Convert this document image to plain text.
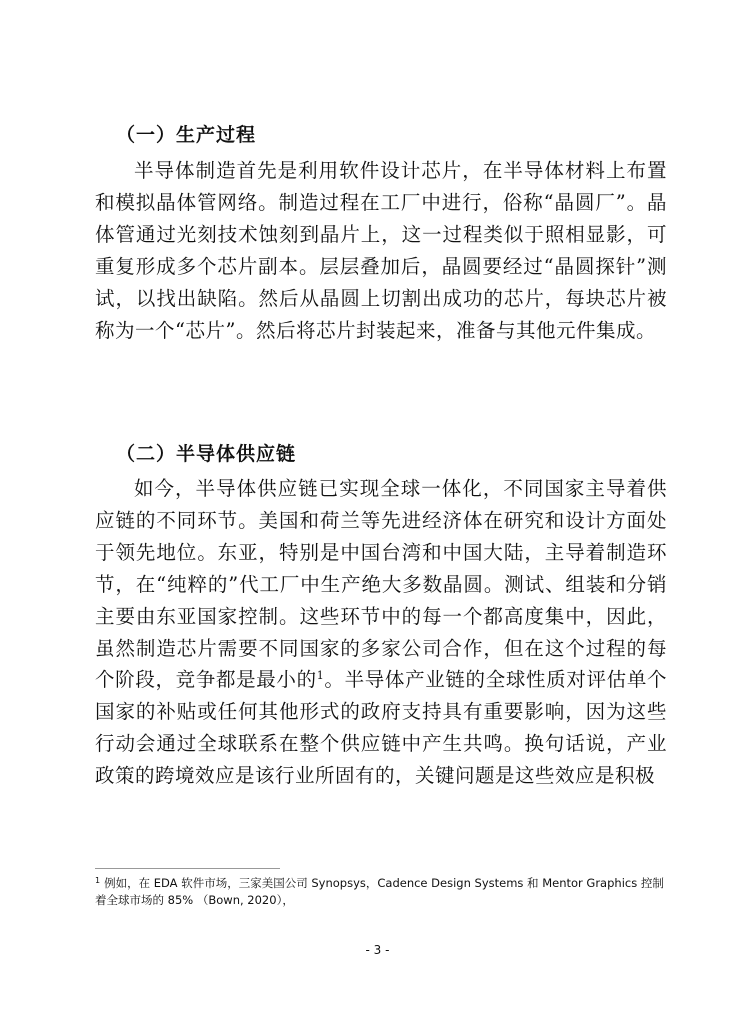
（一）生产过程

半导体制造首先是利用软件设计芯片，在半导体材料上布置和模拟晶体管网络。制造过程在工厂中进行，俗称“晶圆厂”。晶体管通过光刻技术蚀刻到晶片上，这一过程类似于照相显影，可重复形成多个芯片副本。层层叠加后，晶圆要经过“晶圆探针”测试，以找出缺陷。然后从晶圆上切割出成功的芯片，每块芯片被称为一个“芯片”。然后将芯片封装起来，准备与其他元件集成。

（二）半导体供应链

如今，半导体供应链已实现全球一体化，不同国家主导着供应链的不同环节。美国和荷兰等先进经济体在研究和设计方面处于领先地位。东亚，特别是中国台湾和中国大陆，主导着制造环节，在“纯粹的”代工厂中生产绝大多数晶圆。测试、组装和分销主要由东亚国家控制。这些环节中的每一个都高度集中，因此，虽然制造芯片需要不同国家的多家公司合作，但在这个过程的每个阶段，竞争都是最小的$^1$。半导体产业链的全球性质对评估单个国家的补贴或任何其他形式的政府支持具有重要影响，因为这些行动会通过全球联系在整个供应链中产生共鸣。换句话说，产业政策的跨境效应是该行业所固有的，关键问题是这些效应是积极

$^1$ 例如，在 EDA 软件市场，三家美国公司 Synopsys，Cadence Design Systems 和 Mentor Graphics 控制着全球市场的 85% （Bown, 2020），

- 3 -
